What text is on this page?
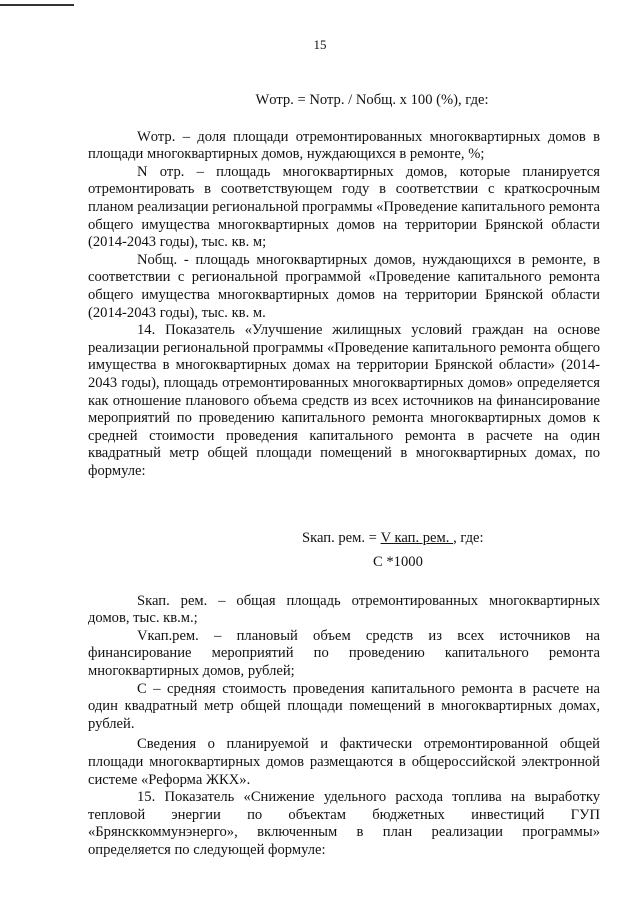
15

Wотр. = Nотр. / Nобщ. x 100 (%), где:

Wотр. – доля площади отремонтированных многоквартирных домов в площади многоквартирных домов, нуждающихся в ремонте, %;

N отр. – площадь многоквартирных домов, которые планируется отремонтировать в соответствующем году в соответствии с краткосрочным планом реализации региональной программы «Проведение капитального ремонта общего имущества многоквартирных домов на территории Брянской области (2014-2043 годы), тыс. кв. м;

Nобщ. - площадь многоквартирных домов, нуждающихся в ремонте, в соответствии с региональной программой «Проведение капитального ремонта общего имущества многоквартирных домов на территории Брянской области (2014-2043 годы), тыс. кв. м.

14. Показатель «Улучшение жилищных условий граждан на основе реализации региональной программы «Проведение капитального ремонта общего имущества в многоквартирных домах на территории Брянской области» (2014-2043 годы), площадь отремонтированных многоквартирных домов» определяется как отношение планового объема средств из всех источников на финансирование мероприятий по проведению капитального ремонта многоквартирных домов к средней стоимости проведения капитального ремонта в расчете на один квадратный метр общей площади помещений в многоквартирных домах, по формуле:

Sкап. рем. = V кап. рем. , где:
C *1000

Sкап. рем. – общая площадь отремонтированных многоквартирных домов, тыс. кв.м.;

Vкап.рем. – плановый объем средств из всех источников на финансирование мероприятий по проведению капитального ремонта многоквартирных домов, рублей;

C – средняя стоимость проведения капитального ремонта в расчете на один квадратный метр общей площади помещений в многоквартирных домах, рублей.

Сведения о планируемой и фактически отремонтированной общей площади многоквартирных домов размещаются в общероссийской электронной системе «Реформа ЖКХ».

15. Показатель «Снижение удельного расхода топлива на выработку тепловой энергии по объектам бюджетных инвестиций ГУП «Брянсккоммунэнерго», включенным в план реализации программы» определяется по следующей формуле:
